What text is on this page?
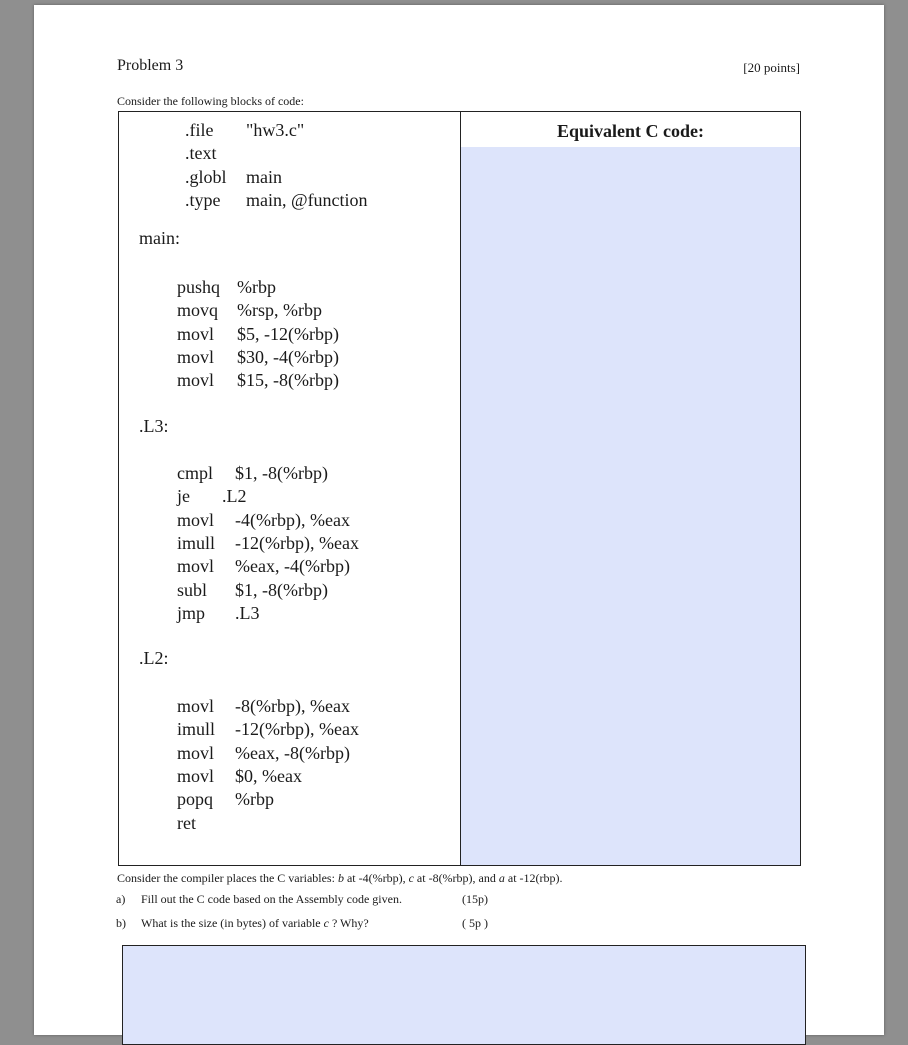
Problem 3	[20 points]
Consider the following blocks of code:
.file "hw3.c"
.text
.globl main
.type main, @function
main:
pushq %rbp
movq %rsp, %rbp
movl $5, -12(%rbp)
movl $30, -4(%rbp)
movl $15, -8(%rbp)
.L3:
cmpl $1, -8(%rbp)
je .L2
movl -4(%rbp), %eax
imull -12(%rbp), %eax
movl %eax, -4(%rbp)
subl $1, -8(%rbp)
jmp .L3
.L2:
movl -8(%rbp), %eax
imull -12(%rbp), %eax
movl %eax, -8(%rbp)
movl $0, %eax
popq %rbp
ret
Equivalent C code:
Consider the compiler places the C variables: b at -4(%rbp), c at -8(%rbp), and a at -12(rbp).
a) Fill out the C code based on the Assembly code given.	(15p)
b) What is the size (in bytes) of variable c ? Why?	( 5p )
